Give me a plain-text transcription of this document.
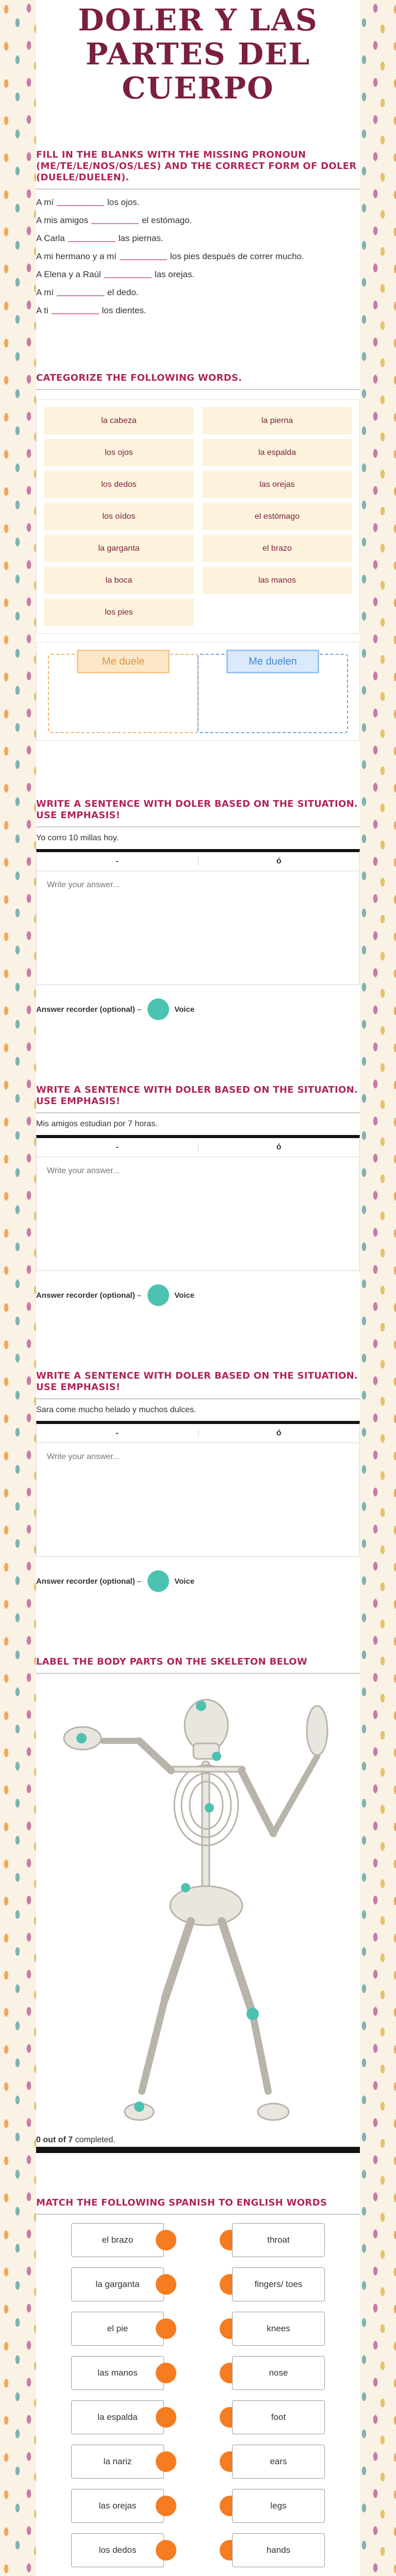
DOLER Y LAS PARTES DEL CUERPO
FILL IN THE BLANKS WITH THE MISSING PRONOUN (ME/TE/LE/NOS/OS/LES) AND THE CORRECT FORM OF DOLER (DUELE/DUELEN).
A mí	los ojos.
A mis amigos	el estómago.
A Carla	las piernas.
A mi hermano y a mí	los pies después de correr mucho.
A Elena y a Raúl	las orejas.
A mí	el dedo.
A ti	los dientes.
CATEGORIZE THE FOLLOWING WORDS.
la cabeza	la pierna
los ojos	la espalda
los dedos	las orejas
los oídos	el estómago
la garganta	el brazo
la boca	las manos
los pies
Me duele	Me duelen
WRITE A SENTENCE WITH DOLER BASED ON THE SITUATION. USE EMPHASIS!
Yo corro 10 millas hoy.
-	ó
Write your answer...
Answer recorder
(optional)
–	Voice
WRITE A SENTENCE WITH DOLER BASED ON THE SITUATION. USE EMPHASIS!
Mis amigos estudian por 7 horas.
-	ó
Write your answer...
Answer recorder
(optional)
–	Voice
WRITE A SENTENCE WITH DOLER BASED ON THE SITUATION. USE EMPHASIS!
Sara come mucho helado y muchos dulces.
-	ó
Write your answer...
Answer recorder
(optional)
–	Voice
LABEL THE BODY PARTS ON THE SKELETON BELOW
0 out of 7 completed.
MATCH THE FOLLOWING SPANISH TO ENGLISH WORDS
el brazo	throat
la garganta	fingers/ toes
el pie	knees
las manos	nose
la espalda	foot
la nariz	ears
las orejas	legs
los dedos	hands
